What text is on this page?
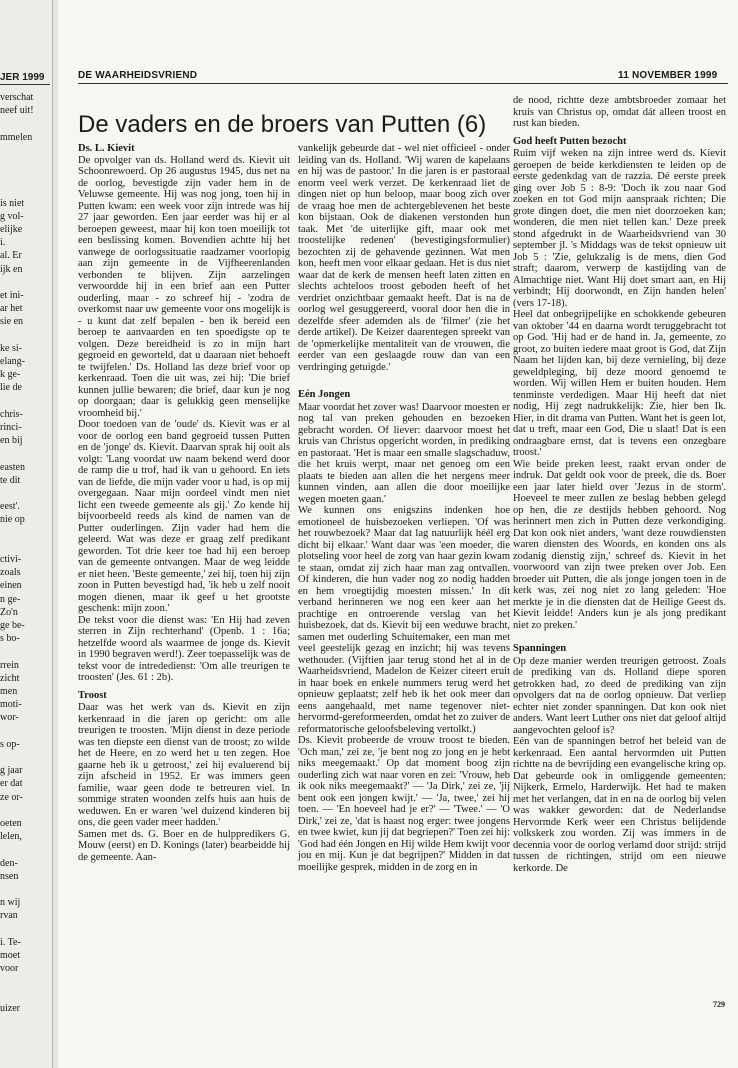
JER 1999
verschat
neef uit!
mmelen
is niet
g vol-
elijke
i.
al. Er
ijk en
et ini-
ar het
sie en
ke si-
elang-
k ge-
lie de
chris-
rinci-
en bij
easten
te dit
eest'.
nie op
ctivi-
zoals
einen
n ge-
Zo'n
ge be-
s bo-
rrein
zicht
men
moti-
wor-
s op-
g jaar
er dat
ze or-
oeten
lelen,
den-
nsen
n wij
rvan
i. Te-
moet
voor
uizer
DE WAARHEIDSVRIEND	11 NOVEMBER 1999
De vaders en de broers van Putten (6)

Ds. L. Kievit

De opvolger van ds. Holland werd ds. Kievit uit Schoonrewoerd. Op 26 augustus 1945, dus net na de oorlog, bevestigde zijn vader hem in de Veluwse gemeente. Hij was nog jong, toen hij in Putten kwam: een week voor zijn intrede was hij 27 jaar geworden. Een jaar eerder was hij er al beroepen geweest, maar hij kon toen moeilijk tot een beslissing komen. Bovendien achtte hij het vanwege de oorlogssituatie raadzamer voorlopig aan zijn gemeente in de Vijfheerenlanden verbonden te blijven. Zijn aarzelingen verwoordde hij in een brief aan een Putter ouderling, maar - zo schreef hij - 'zodra de overkomst naar uw gemeente voor ons mogelijk is - u kunt dat zelf bepalen - ben ik bereid een beroep te aanvaarden en ten spoedigste op te volgen. Deze bereidheid is zo in mijn hart gegroeid en geworteld, dat u daaraan niet behoeft te twijfelen.' Ds. Holland las deze brief voor op kerkenraad. Toen die uit was, zei hij: 'Die brief kunnen jullie bewaren; die brief, daar kun je nog op doorgaan; daar is gelukkig geen menselijke vroomheid bij.'

Door toedoen van de 'oude' ds. Kievit was er al voor de oorlog een band gegroeid tussen Putten en de 'jonge' ds. Kievit. Daarvan sprak hij ooit als volgt: 'Lang voordat uw naam bekend werd door de ramp die u trof, had ik van u gehoord. En iets van de liefde, die mijn vader voor u had, is op mij overgegaan. Naar mijn oordeel vindt men niet licht een tweede gemeente als gij.' Zo kende hij bijvoorbeeld reeds als kind de namen van de Putter ouderlingen. Zijn vader had hem die geleerd. Wat was deze er graag zelf predikant geworden. Tot drie keer toe had hij een beroep van de gemeente ontvangen. Maar de weg leidde er niet heen. 'Beste gemeente,' zei hij, toen hij zijn zoon in Putten bevestigd had, 'ik heb u zelf nooit mogen dienen, maar ik geef u het grootste geschenk: mijn zoon.'

De tekst voor die dienst was: 'En Hij had zeven sterren in Zijn rechterhand' (Openb. 1 : 16a; hetzelfde woord als waarmee de jonge ds. Kievit in 1990 begraven werd!). Zeer toepasselijk was de tekst voor de intrededienst: 'Om alle treurigen te troosten' (Jes. 61 : 2b).

Troost

Daar was het werk van ds. Kievit en zijn kerkenraad in die jaren op gericht: om alle treurigen te troosten. 'Mijn dienst in deze periode was ten diepste een dienst van de troost; zo wilde het de Heere, en zo werd het u ten zegen. Hoe gaarne heb ik u getroost,' zei hij evaluerend bij zijn afscheid in 1952. Er was immers geen familie, waar geen dode te betreuren viel. In sommige straten woonden zelfs huis aan huis de weduwen. En er waren 'wel duizend kinderen bij ons, die geen vader meer hadden.'

Samen met ds. G. Boer en de hulppredikers G. Mouw (eerst) en D. Konings (later) bearbeidde hij de gemeente. Aan-

vankelijk gebeurde dat - wel niet officieel - onder leiding van ds. Holland. 'Wij waren de kapelaans en hij was de pastoor.' In die jaren is er pastoraal enorm veel werk verzet. De kerkenraad liet de dingen niet op hun beloop, maar boog zich over de vraag hoe men de achtergeblevenen het beste kon bijstaan. Ook de diakenen verstonden hun taak. Met 'de uiterlijke gift, maar ook met troostelijke redenen' (bevestigingsformulier) bezochten zij de gehavende gezinnen. Wat men kon, heeft men voor elkaar gedaan. Het is dus niet waar dat de kerk de mensen heeft laten zitten en slechts achteloos troost geboden heeft of het verdriet onzichtbaar gemaakt heeft. Dat is na de oorlog wel gesuggereerd, vooral door hen die in dezelfde sfeer ademden als de 'filmer' (zie het derde artikel). De Keizer daarentegen spreekt van de 'opmerkelijke mentaliteit van de vrouwen, die eerder van een geslaagde rouw dan van een verdringing getuigde.'

Eén Jongen

Maar voordat het zover was! Daarvoor moesten er nog tal van preken gehouden en bezoeken gebracht worden. Of liever: daarvoor moest het kruis van Christus opgericht worden, in prediking en pastoraat. 'Het is maar een smalle slagschaduw, die het kruis werpt, maar net genoeg om een plaats te bieden aan allen die het nergens meer kunnen vinden, aan allen die door moeilijke wegen moeten gaan.'

We kunnen ons enigszins indenken hoe emotioneel de huisbezoeken verliepen. 'Of was het rouwbezoek? Maar dat lag natuurlijk héél erg dicht bij elkaar.' Want daar was 'een moeder, die plotseling voor heel de zorg van haar gezin kwam te staan, omdat zij zich haar man zag ontvallen. Of kinderen, die hun vader nog zo nodig hadden en hem vroegtijdig moesten missen.' In dit verband herinneren we nog een keer aan het prachtige en ontroerende verslag van het huisbezoek, dat ds. Kievit bij een weduwe bracht, samen met ouderling Schuitemaker, een man met veel geestelijk gezag en inzicht; hij was tevens wethouder. (Vijftien jaar terug stond het al in de Waarheidsvriend, Madelon de Keizer citeert eruit in haar boek en enkele nummers terug werd het opnieuw geplaatst; zelf heb ik het ook meer dan eens aangehaald, met name tegenover niet-hervormd-gereformeerden, omdat het zo zuiver de reformatorische geloofsbeleving vertolkt.)

Ds. Kievit probeerde de vrouw troost te bieden. 'Och man,' zei ze, 'je bent nog zo jong en je hebt niks meegemaakt.' Op dat moment boog zijn ouderling zich wat naar voren en zei: 'Vrouw, heb ik ook niks meegemaakt?' — 'Ja Dirk,' zei ze, 'jij bent ook een jongen kwijt.' — 'Ja, twee,' zei hij toen. — 'En hoeveel had je er?' — 'Twee.' — 'O Dirk,' zei ze, 'dat is haast nog erger: twee jongens en twee kwiet, kun jij dat begriepen?' Toen zei hij: 'God had één Jongen en Hij wilde Hem kwijt voor jou en mij. Kun je dat begrijpen?' Midden in dat moeilijke gesprek, midden in de zorg en in

de nood, richtte deze ambtsbroeder zomaar het kruis van Christus op, omdat dát alleen troost en rust kan bieden.

God heeft Putten bezocht

Ruim vijf weken na zijn intree werd ds. Kievit geroepen de beide kerkdiensten te leiden op de eerste gedenkdag van de razzia. Dé eerste preek ging over Job 5 : 8-9: 'Doch ik zou naar God zoeken en tot God mijn aanspraak richten; Die grote dingen doet, die men niet doorzoeken kan; wonderen, die men niet tellen kan.' Deze preek stond afgedrukt in de Waarheidsvriend van 30 september jl. 's Middags was de tekst opnieuw uit Job 5 : 'Zie, gelukzalig is de mens, dien God straft; daarom, verwerp de kastijding van de Almachtige niet. Want Hij doet smart aan, en Hij verbindt; Hij doorwondt, en Zijn handen helen' (vers 17-18).

Heel dat onbegrijpelijke en schokkende gebeuren van oktober '44 en daarna wordt teruggebracht tot op God. 'Hij had er de hand in. Ja, gemeente, zo groot, zo buiten iedere maat groot is God, dat Zijn Naam het lijden kan, bij deze vernieling, bij deze geweldpleging, bij deze moord genoemd te worden. Wij willen Hem er buiten houden. Hem tenminste verdedigen. Maar Hij heeft dat niet nodig, Hij zegt nadrukkelijk: Zie, hier ben Ik. Hier, in dit drama van Putten. Want het is geen lot, dat u treft, maar een God, Die u slaat! Dat is een ondraagbare ernst, dat is tevens een onzegbare troost.'

Wie beide preken leest, raakt ervan onder de indruk. Dat geldt ook voor de preek, die ds. Boer een jaar later hield over 'Jezus in de storm'. Hoeveel te meer zullen ze beslag hebben gelegd op hen, die ze destijds hebben gehoord. Nog herinnert men zich in Putten deze verkondiging. Dat kon ook niet anders, 'want deze rouwdiensten waren diensten des Woords, en konden ons als zodanig dienstig zijn,' schreef ds. Kievit in het voorwoord van zijn twee preken over Job. Een broeder uit Putten, die als jonge jongen toen in de kerk was, zei nog niet zo lang geleden: 'Hoe merkte je in die diensten dat de Heilige Geest ds. Kievit leidde! Anders kun je als jong predikant niet zo preken.'

Spanningen

Op deze manier werden treurigen getroost. Zoals de prediking van ds. Holland diepe sporen getrokken had, zo deed de prediking van zijn opvolgers dat na de oorlog opnieuw. Dat verliep echter niet zonder spanningen. Dat kon ook niet anders. Want leert Luther ons niet dat geloof altijd aangevochten geloof is?

Eén van de spanningen betrof het beleid van de kerkenraad. Een aantal hervormden uit Putten richtte na de bevrijding een evangelische kring op. Dat gebeurde ook in omliggende gemeenten: Nijkerk, Ermelo, Harderwijk. Het had te maken met het verlangen, dat in en na de oorlog bij velen was wakker geworden: dat de Nederlandse Hervormde Kerk weer een Christus belijdende volkskerk zou worden. Zij was immers in de decennia voor de oorlog verlamd door strijd: strijd tussen de richtingen, strijd om een nieuwe kerkorde. De

729
